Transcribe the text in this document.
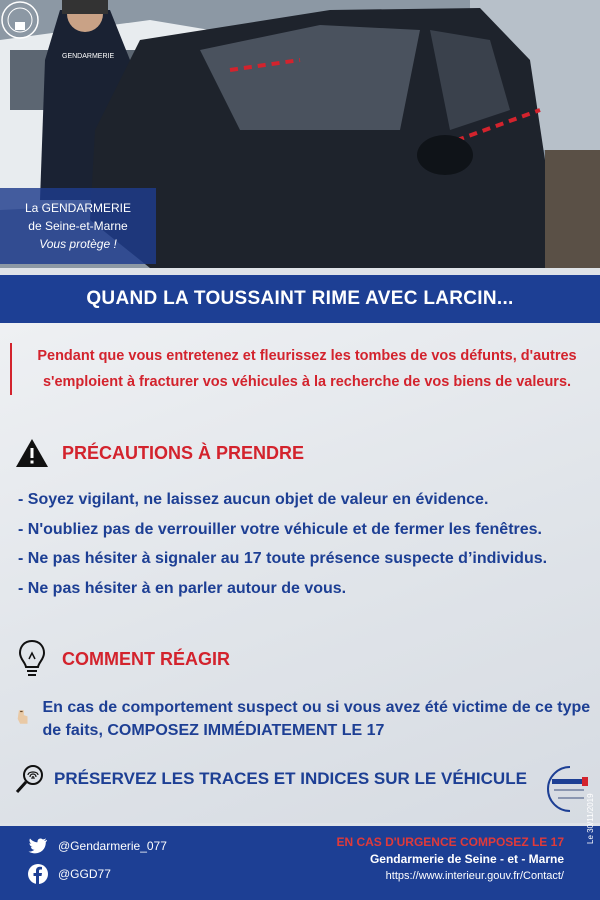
GENDARMERIE
La GENDARMERIE
de Seine-et-Marne
Vous protège !
QUAND LA TOUSSAINT RIME AVEC LARCIN...

Pendant que vous entretenez et fleurissez les tombes de vos défunts, d'autres s'emploient à fracturer vos véhicules à la recherche de vos biens de valeurs.

PRÉCAUTIONS À PRENDRE
- Soyez vigilant, ne laissez aucun objet de valeur en évidence.
- N'oubliez pas de verrouiller votre véhicule et de fermer les fenêtres.
- Ne pas hésiter à signaler au 17 toute présence suspecte d’individus.
- Ne pas hésiter à en parler autour de vous.
COMMENT RÉAGIR
En cas de comportement suspect ou si vous avez été victime de ce type de faits, COMPOSEZ IMMÉDIATEMENT LE 17
PRÉSERVEZ LES TRACES ET INDICES SUR LE VÉHICULE
@Gendarmerie_077
@GGD77
EN CAS D'URGENCE COMPOSEZ LE 17
Gendarmerie de Seine - et - Marne
https://www.interieur.gouv.fr/Contact/
Le 30/11/2019
